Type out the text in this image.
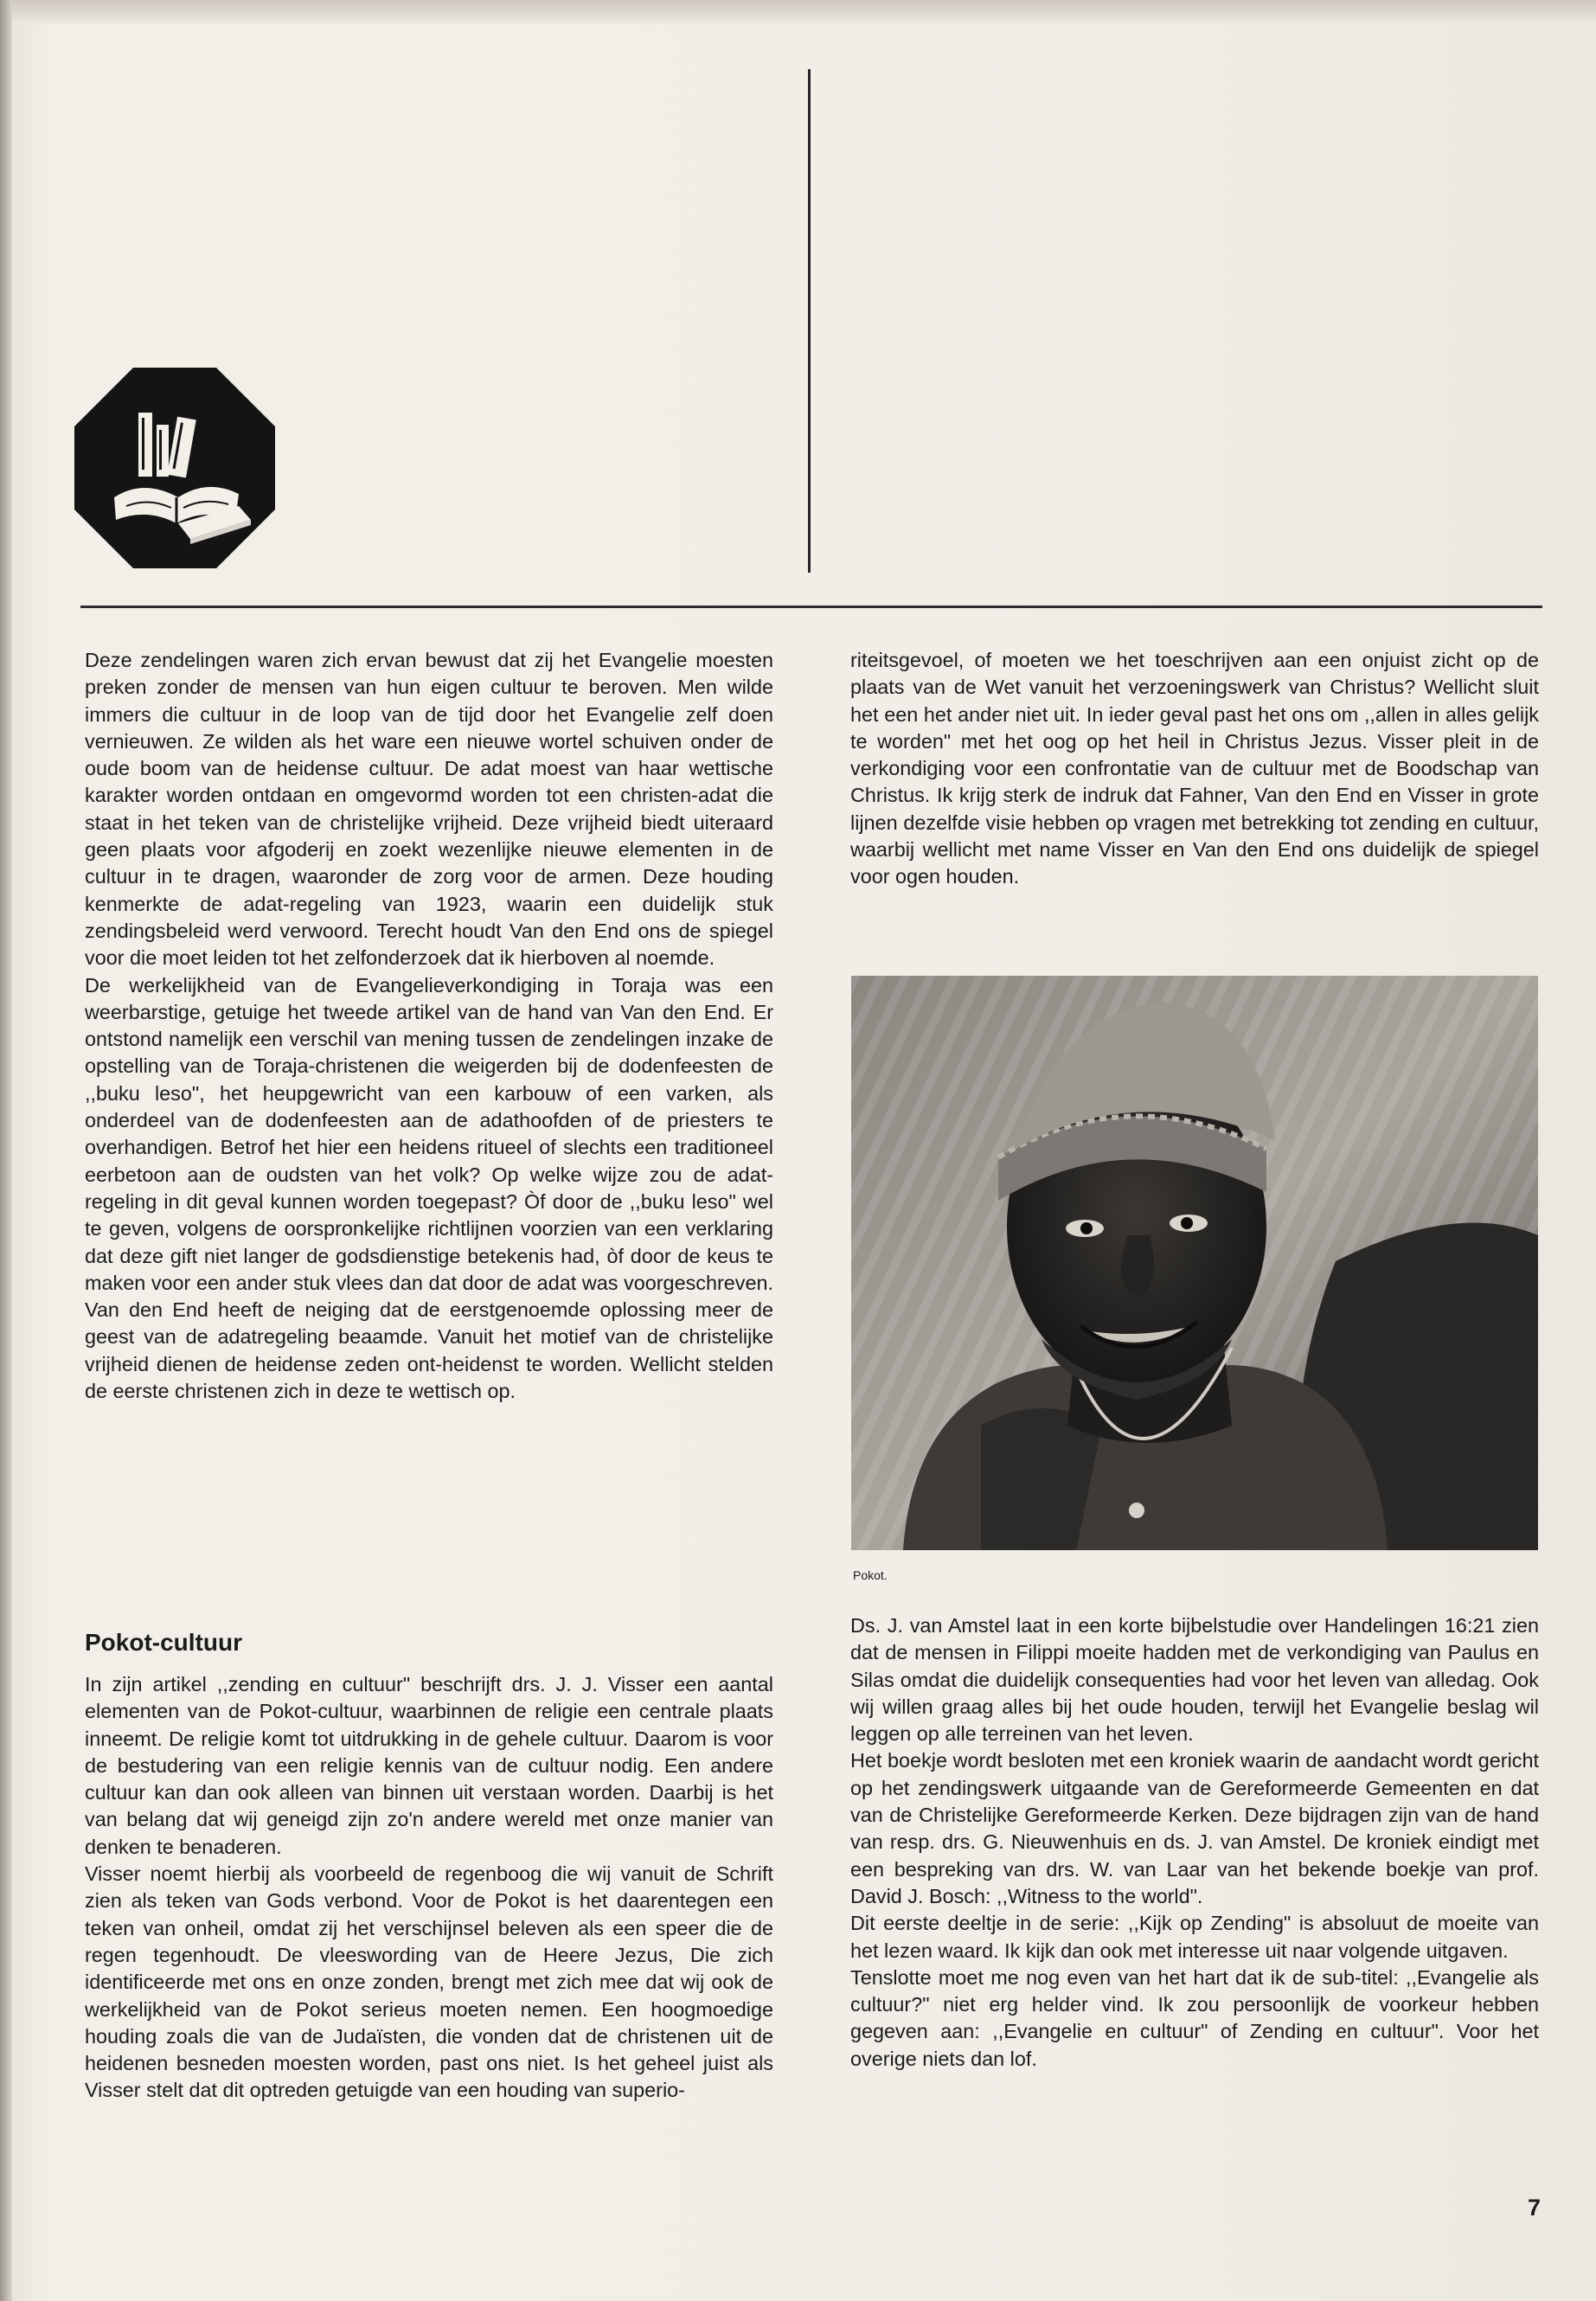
Deze zendelingen waren zich ervan bewust dat zij het Evangelie moesten preken zonder de mensen van hun eigen cultuur te beroven. Men wilde immers die cultuur in de loop van de tijd door het Evangelie zelf doen vernieuwen. Ze wilden als het ware een nieuwe wortel schuiven onder de oude boom van de heidense cultuur. De adat moest van haar wettische karakter worden ontdaan en omgevormd worden tot een christen-adat die staat in het teken van de christelijke vrijheid. Deze vrijheid biedt uiteraard geen plaats voor afgoderij en zoekt wezenlijke nieuwe elementen in de cultuur in te dragen, waaronder de zorg voor de armen. Deze houding kenmerkte de adat-regeling van 1923, waarin een duidelijk stuk zendingsbeleid werd verwoord. Terecht houdt Van den End ons de spiegel voor die moet leiden tot het zelfonderzoek dat ik hierboven al noemde.

De werkelijkheid van de Evangelieverkondiging in Toraja was een weerbarstige, getuige het tweede artikel van de hand van Van den End. Er ontstond namelijk een verschil van mening tussen de zendelingen inzake de opstelling van de Toraja-christenen die weigerden bij de dodenfeesten de ,,buku leso", het heupgewricht van een karbouw of een varken, als onderdeel van de dodenfeesten aan de adathoofden of de priesters te overhandigen. Betrof het hier een heidens ritueel of slechts een traditioneel eerbetoon aan de oudsten van het volk? Op welke wijze zou de adat-regeling in dit geval kunnen worden toegepast? Òf door de ,,buku leso" wel te geven, volgens de oorspronkelijke richtlijnen voorzien van een verklaring dat deze gift niet langer de godsdienstige betekenis had, òf door de keus te maken voor een ander stuk vlees dan dat door de adat was voorgeschreven. Van den End heeft de neiging dat de eerstgenoemde oplossing meer de geest van de adatregeling beaamde. Vanuit het motief van de christelijke vrijheid dienen de heidense zeden ont-heidenst te worden. Wellicht stelden de eerste christenen zich in deze te wettisch op.

Pokot-cultuur

In zijn artikel ,,zending en cultuur" beschrijft drs. J. J. Visser een aantal elementen van de Pokot-cultuur, waarbinnen de religie een centrale plaats inneemt. De religie komt tot uitdrukking in de gehele cultuur. Daarom is voor de bestudering van een religie kennis van de cultuur nodig. Een andere cultuur kan dan ook alleen van binnen uit verstaan worden. Daarbij is het van belang dat wij geneigd zijn zo'n andere wereld met onze manier van denken te benaderen.

Visser noemt hierbij als voorbeeld de regenboog die wij vanuit de Schrift zien als teken van Gods verbond. Voor de Pokot is het daarentegen een teken van onheil, omdat zij het verschijnsel beleven als een speer die de regen tegenhoudt. De vleeswording van de Heere Jezus, Die zich identificeerde met ons en onze zonden, brengt met zich mee dat wij ook de werkelijkheid van de Pokot serieus moeten nemen. Een hoogmoedige houding zoals die van de Judaïsten, die vonden dat de christenen uit de heidenen besneden moesten worden, past ons niet. Is het geheel juist als Visser stelt dat dit optreden getuigde van een houding van superio-

riteitsgevoel, of moeten we het toeschrijven aan een onjuist zicht op de plaats van de Wet vanuit het verzoeningswerk van Christus? Wellicht sluit het een het ander niet uit. In ieder geval past het ons om ,,allen in alles gelijk te worden" met het oog op het heil in Christus Jezus. Visser pleit in de verkondiging voor een confrontatie van de cultuur met de Boodschap van Christus. Ik krijg sterk de indruk dat Fahner, Van den End en Visser in grote lijnen dezelfde visie hebben op vragen met betrekking tot zending en cultuur, waarbij wellicht met name Visser en Van den End ons duidelijk de spiegel voor ogen houden.

Pokot.

Ds. J. van Amstel laat in een korte bijbelstudie over Handelingen 16:21 zien dat de mensen in Filippi moeite hadden met de verkondiging van Paulus en Silas omdat die duidelijk consequenties had voor het leven van alledag. Ook wij willen graag alles bij het oude houden, terwijl het Evangelie beslag wil leggen op alle terreinen van het leven.

Het boekje wordt besloten met een kroniek waarin de aandacht wordt gericht op het zendingswerk uitgaande van de Gereformeerde Gemeenten en dat van de Christelijke Gereformeerde Kerken. Deze bijdragen zijn van de hand van resp. drs. G. Nieuwenhuis en ds. J. van Amstel. De kroniek eindigt met een bespreking van drs. W. van Laar van het bekende boekje van prof. David J. Bosch: ,,Witness to the world".

Dit eerste deeltje in de serie: ,,Kijk op Zending" is absoluut de moeite van het lezen waard. Ik kijk dan ook met interesse uit naar volgende uitgaven.

Tenslotte moet me nog even van het hart dat ik de sub-titel: ,,Evangelie als cultuur?" niet erg helder vind. Ik zou persoonlijk de voorkeur hebben gegeven aan: ,,Evangelie en cultuur" of Zending en cultuur". Voor het overige niets dan lof.

7
